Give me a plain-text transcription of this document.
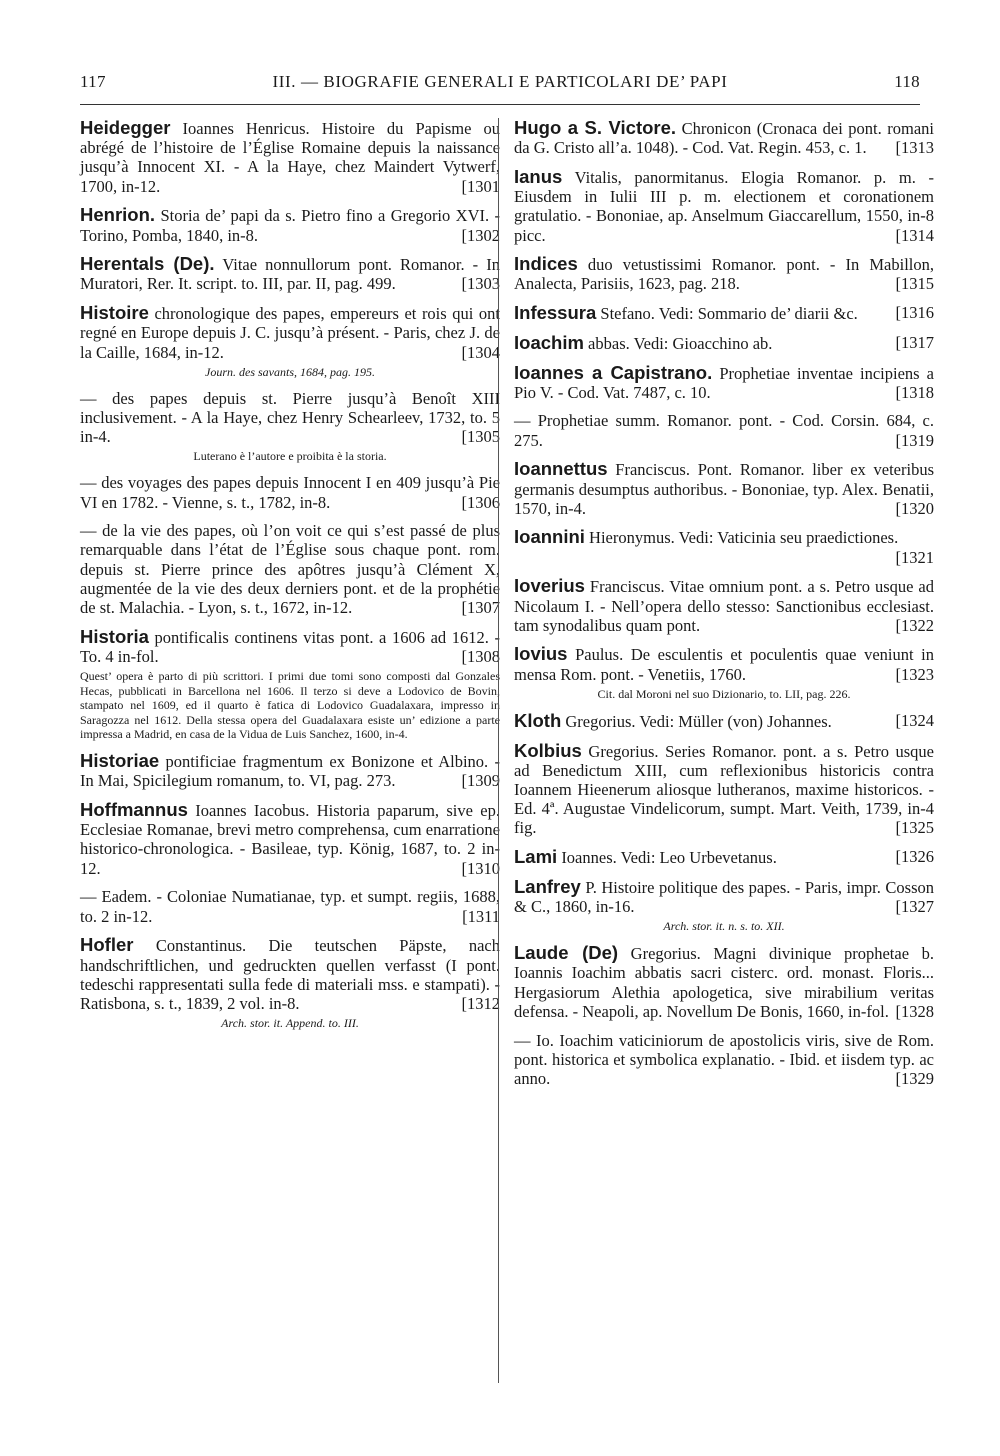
117	III. — BIOGRAFIE GENERALI E PARTICOLARI DE’ PAPI	118
Heidegger Ioannes Henricus. Histoire du Papisme ou abrégé de l’histoire de l’Église Romaine depuis la naissance jusqu’à Innocent XI. - A la Haye, chez Maindert Vytwerf, 1700, in-12.	[1301
Henrion. Storia de’ papi da s. Pietro fino a Gregorio XVI. - Torino, Pomba, 1840, in-8.	[1302
Herentals (De). Vitae nonnullorum pont. Romanor. - In Muratori, Rer. It. script. to. III, par. II, pag. 499.	[1303
Histoire chronologique des papes, empereurs et rois qui ont regné en Europe depuis J. C. jusqu’à présent. - Paris, chez J. de la Caille, 1684, in-12.	[1304
Journ. des savants, 1684, pag. 195.
— des papes depuis st. Pierre jusqu’à Benoît XIII inclusivement. - A la Haye, chez Henry Schearleev, 1732, to. 5 in-4.	[1305
Luterano è l’autore e proibita è la storia.
— des voyages des papes depuis Innocent I en 409 jusqu’à Pie VI en 1782. - Vienne, s. t., 1782, in-8.	[1306
— de la vie des papes, où l’on voit ce qui s’est passé de plus remarquable dans l’état de l’Église sous chaque pont. rom. depuis st. Pierre prince des apôtres jusqu’à Clément X, augmentée de la vie des deux derniers pont. et de la prophétie de st. Malachia. - Lyon, s. t., 1672, in-12.	[1307
Historia pontificalis continens vitas pont. a 1606 ad 1612. - To. 4 in-fol.	[1308
Quest’ opera è parto di più scrittori. I primi due tomi sono composti dal Gonzales Hecas, pubblicati in Barcellona nel 1606. Il terzo si deve a Lodovico de Bovin, stampato nel 1609, ed il quarto è fatica di Lodovico Guadalaxara, impresso in Saragozza nel 1612. Della stessa opera del Guadalaxara esiste un’ edizione a parte impressa a Madrid, en casa de la Vidua de Luis Sanchez, 1600, in-4.
Historiae pontificiae fragmentum ex Bonizone et Albino. - In Mai, Spicilegium romanum, to. VI, pag. 273.	[1309
Hoffmannus Ioannes Iacobus. Historia paparum, sive ep. Ecclesiae Romanae, brevi metro comprehensa, cum enarratione historico-chronologica. - Basileae, typ. König, 1687, to. 2 in-12.	[1310
— Eadem. - Coloniae Numatianae, typ. et sumpt. regiis, 1688, to. 2 in-12.	[1311
Hofler Constantinus. Die teutschen Päpste, nach handschriftlichen, und gedruckten quellen verfasst (I pont. tedeschi rappresentati sulla fede di materiali mss. e stampati). - Ratisbona, s. t., 1839, 2 vol. in-8.	[1312
Arch. stor. it. Append. to. III.
Hugo a S. Victore. Chronicon (Cronaca dei pont. romani da G. Cristo all’a. 1048). - Cod. Vat. Regin. 453, c. 1. [1313
Ianus Vitalis, panormitanus. Elogia Romanor. p. m. - Eiusdem in Iulii III p. m. electionem et coronationem gratulatio. - Bononiae, ap. Anselmum Giaccarellum, 1550, in-8 picc.	[1314
Indices duo vetustissimi Romanor. pont. - In Mabillon, Analecta, Parisiis, 1623, pag. 218.	[1315
Infessura Stefano. Vedi: Sommario de’ diarii &c. [1316
Ioachim abbas. Vedi: Gioacchino ab.	[1317
Ioannes a Capistrano. Prophetiae inventae incipiens a Pio V. - Cod. Vat. 7487, c. 10.	[1318
— Prophetiae summ. Romanor. pont. - Cod. Corsin. 684, c. 275.	[1319
Ioannettus Franciscus. Pont. Romanor. liber ex veteribus germanis desumptus authoribus. - Bononiae, typ. Alex. Benatii, 1570, in-4.	[1320
Ioannini Hieronymus. Vedi: Vaticinia seu praedictiones.
[1321
Ioverius Franciscus. Vitae omnium pont. a s. Petro usque ad Nicolaum I. - Nell’opera dello stesso: Sanctionibus ecclesiast. tam synodalibus quam pont.	[1322
Iovius Paulus. De esculentis et poculentis quae veniunt in mensa Rom. pont. - Venetiis, 1760.	[1323
Cit. dal Moroni nel suo Dizionario, to. LII, pag. 226.
Kloth Gregorius. Vedi: Müller (von) Johannes.	[1324
Kolbius Gregorius. Series Romanor. pont. a s. Petro usque ad Benedictum XIII, cum reflexionibus historicis contra Ioannem Hieenerum aliosque lutheranos, maxime historicos. - Ed. 4ª. Augustae Vindelicorum, sumpt. Mart. Veith, 1739, in-4 fig.	[1325
Lami Ioannes. Vedi: Leo Urbevetanus.	[1326
Lanfrey P. Histoire politique des papes. - Paris, impr. Cosson & C., 1860, in-16.	[1327
Arch. stor. it. n. s. to. XII.
Laude (De) Gregorius. Magni divinique prophetae b. Ioannis Ioachim abbatis sacri cisterc. ord. monast. Floris... Hergasiorum Alethia apologetica, sive mirabilium veritas defensa. - Neapoli, ap. Novellum De Bonis, 1660, in-fol. [1328
— Io. Ioachim vaticiniorum de apostolicis viris, sive de Rom. pont. historica et symbolica explanatio. - Ibid. et iisdem typ. ac anno.	[1329
